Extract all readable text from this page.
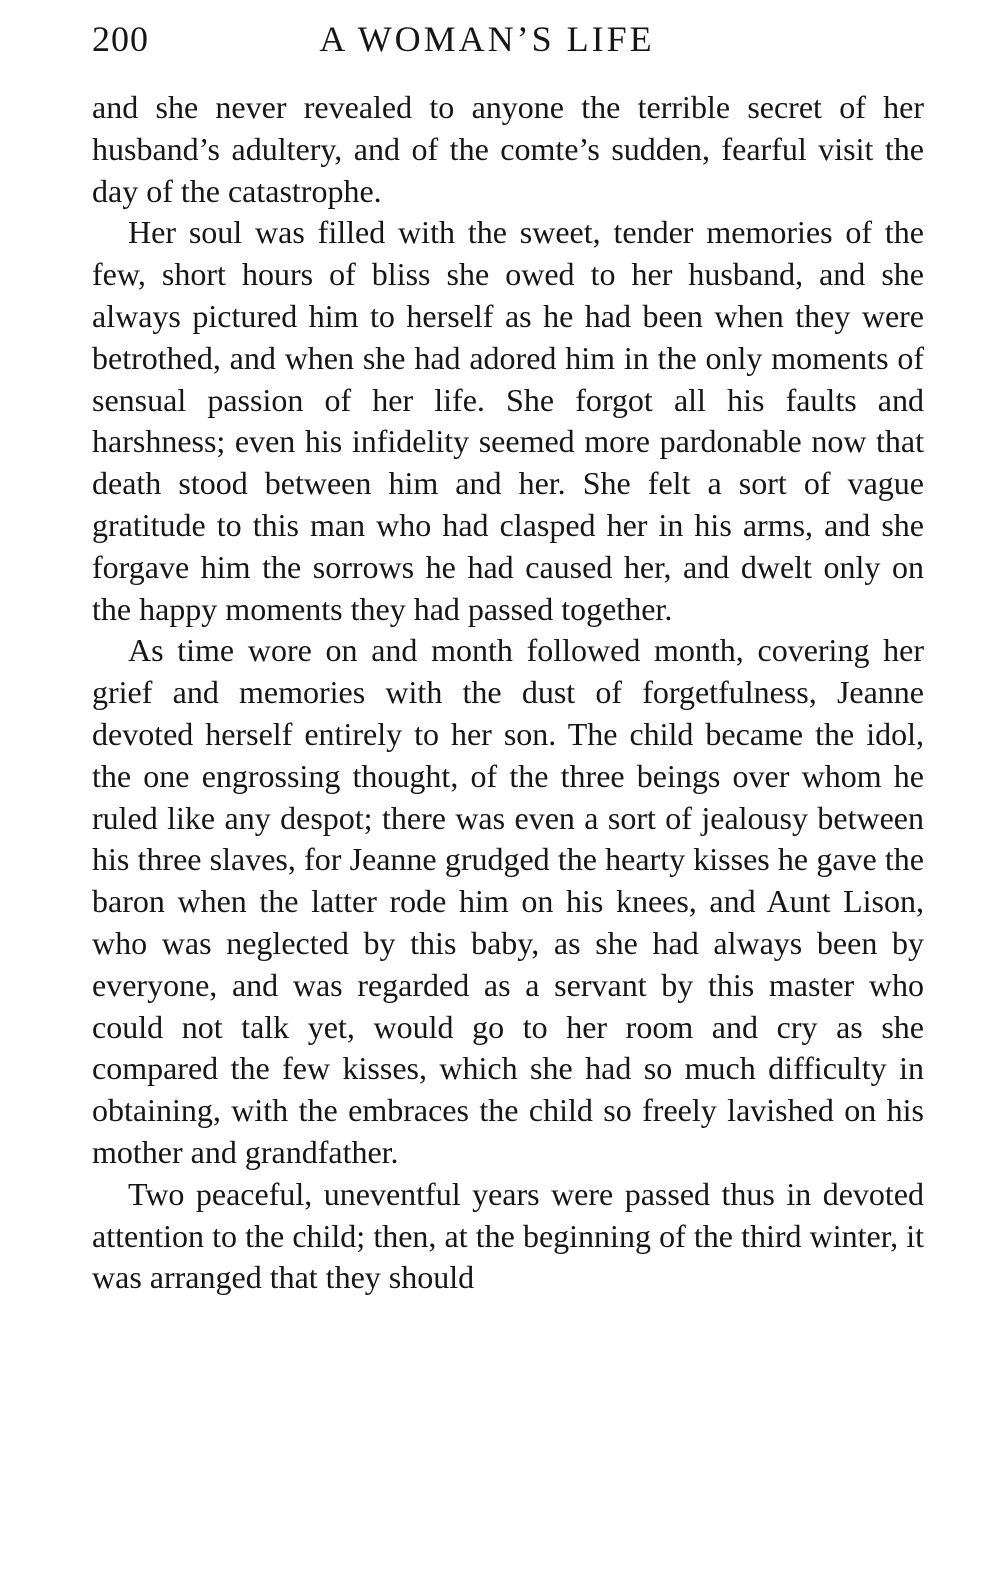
200	A WOMAN’S LIFE

and she never revealed to anyone the terrible secret of her husband’s adultery, and of the comte’s sudden, fearful visit the day of the catastrophe.

Her soul was filled with the sweet, tender memories of the few, short hours of bliss she owed to her husband, and she always pictured him to herself as he had been when they were betrothed, and when she had adored him in the only moments of sensual passion of her life. She forgot all his faults and harshness; even his infidelity seemed more pardonable now that death stood between him and her. She felt a sort of vague gratitude to this man who had clasped her in his arms, and she forgave him the sorrows he had caused her, and dwelt only on the happy moments they had passed together.

As time wore on and month followed month, covering her grief and memories with the dust of forgetfulness, Jeanne devoted herself entirely to her son. The child became the idol, the one engrossing thought, of the three beings over whom he ruled like any despot; there was even a sort of jealousy between his three slaves, for Jeanne grudged the hearty kisses he gave the baron when the latter rode him on his knees, and Aunt Lison, who was neglected by this baby, as she had always been by everyone, and was regarded as a servant by this master who could not talk yet, would go to her room and cry as she compared the few kisses, which she had so much difficulty in obtaining, with the embraces the child so freely lavished on his mother and grandfather.

Two peaceful, uneventful years were passed thus in devoted attention to the child; then, at the beginning of the third winter, it was arranged that they should
